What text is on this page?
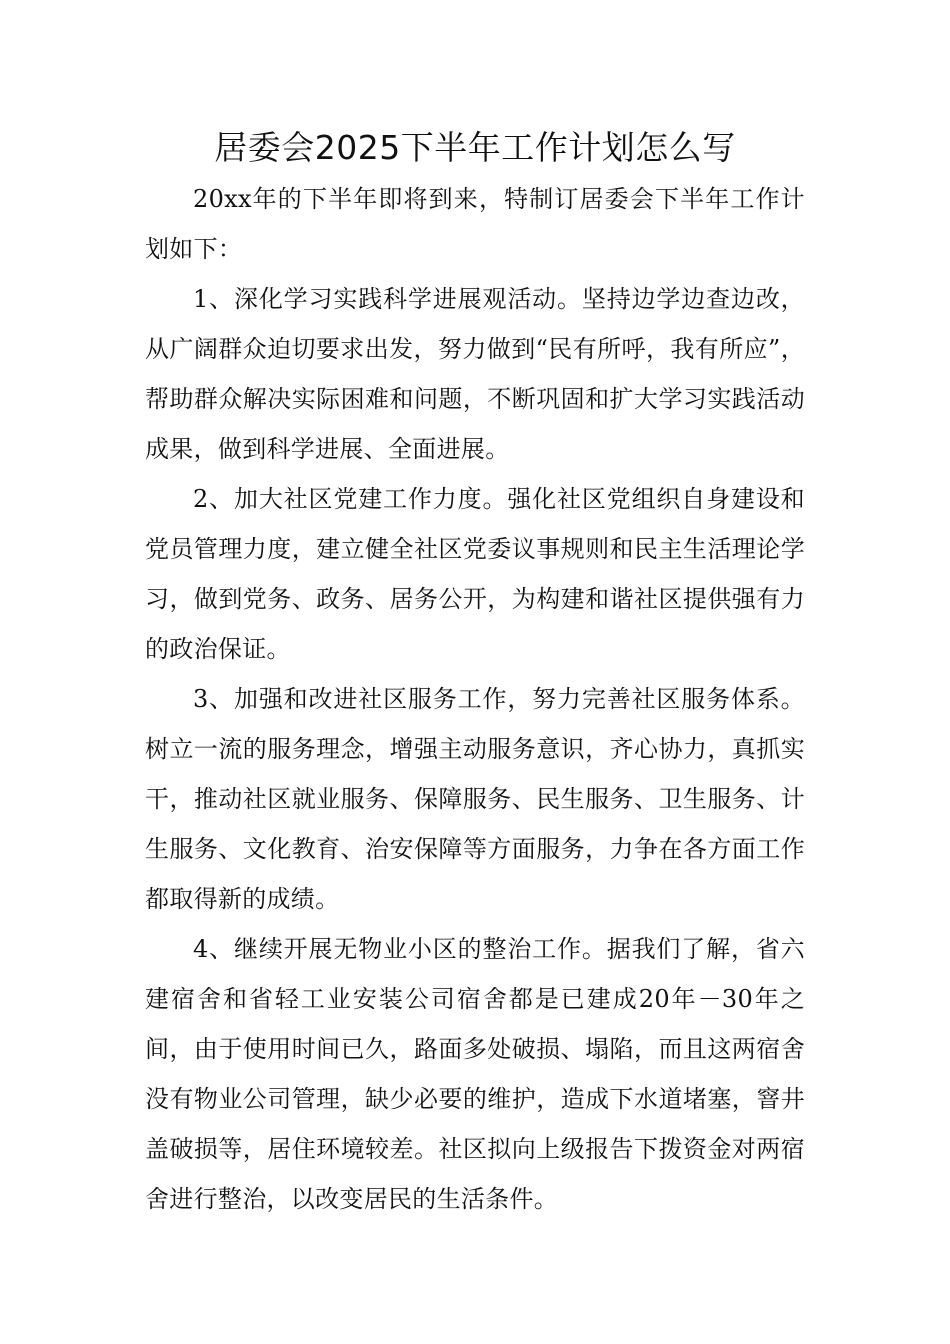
居委会2025下半年工作计划怎么写

20xx年的下半年即将到来，特制订居委会下半年工作计划如下：

1、深化学习实践科学进展观活动。坚持边学边查边改，从广阔群众迫切要求出发，努力做到“民有所呼，我有所应”，帮助群众解决实际困难和问题，不断巩固和扩大学习实践活动成果，做到科学进展、全面进展。

2、加大社区党建工作力度。强化社区党组织自身建设和党员管理力度，建立健全社区党委议事规则和民主生活理论学习，做到党务、政务、居务公开，为构建和谐社区提供强有力的政治保证。

3、加强和改进社区服务工作，努力完善社区服务体系。树立一流的服务理念，增强主动服务意识，齐心协力，真抓实干，推动社区就业服务、保障服务、民生服务、卫生服务、计生服务、文化教育、治安保障等方面服务，力争在各方面工作都取得新的成绩。

4、继续开展无物业小区的整治工作。据我们了解，省六建宿舍和省轻工业安装公司宿舍都是已建成20年－30年之间，由于使用时间已久，路面多处破损、塌陷，而且这两宿舍没有物业公司管理，缺少必要的维护，造成下水道堵塞，窨井盖破损等，居住环境较差。社区拟向上级报告下拨资金对两宿舍进行整治，以改变居民的生活条件。
